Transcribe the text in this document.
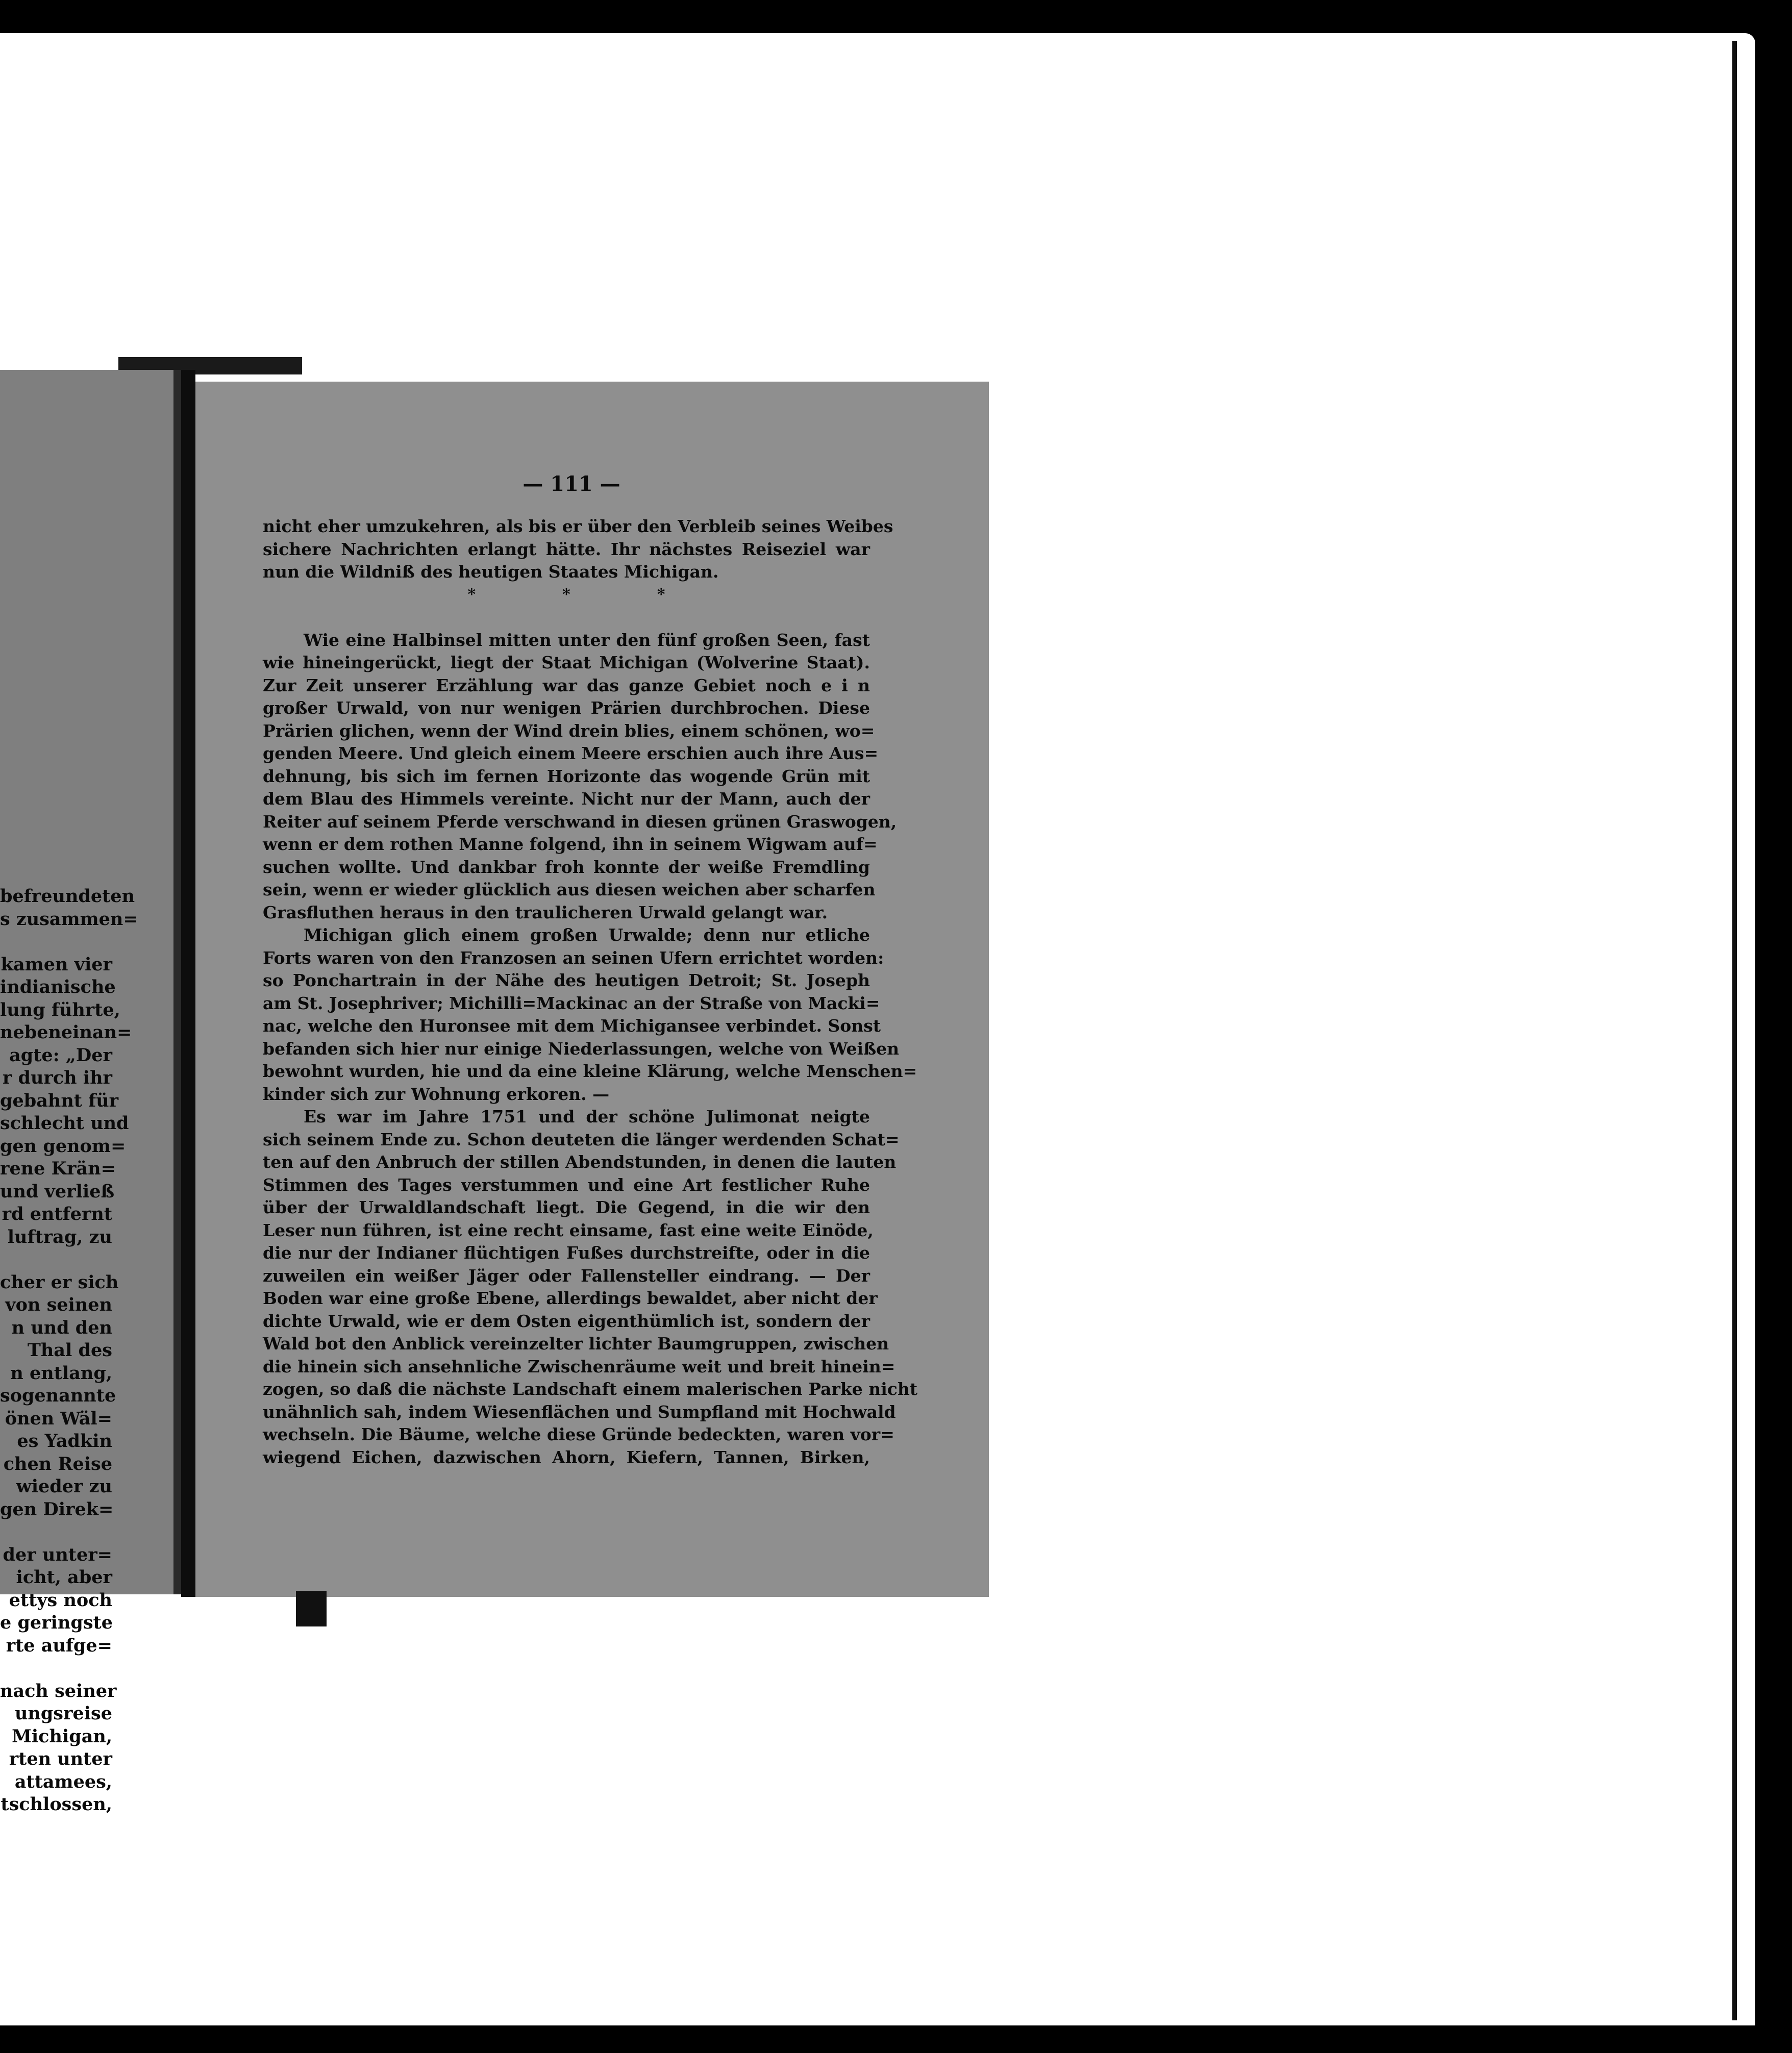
befreundeten
s zusammen=

kamen vier
indianische
lung führte,
nebeneinan=
agte: „Der
r durch ihr
gebahnt für
schlecht und
gen genom=
rene Krän=
und verließ
rd entfernt
luftrag, zu

cher er sich
von seinen
n und den
Thal des
n entlang,
sogenannte
önen Wäl=
es Yadkin
chen Reise
wieder zu
gen Direk=

der unter=
icht, aber
ettys noch
e geringste
rte aufge=

nach seiner
ungsreise
Michigan,
rten unter
attamees,
tschlossen,
— 111 —
nicht eher umzukehren, als bis er über den Verbleib seines Weibes
sichere Nachrichten erlangt hätte. Ihr nächstes Reiseziel war
nun die Wildniß des heutigen Staates Michigan.
*	*	*
Wie eine Halbinsel mitten unter den fünf großen Seen, fast
wie hineingerückt, liegt der Staat Michigan (Wolverine Staat).
Zur Zeit unserer Erzählung war das ganze Gebiet noch e i n
großer Urwald, von nur wenigen Prärien durchbrochen. Diese
Prärien glichen, wenn der Wind drein blies, einem schönen, wo=
genden Meere. Und gleich einem Meere erschien auch ihre Aus=
dehnung, bis sich im fernen Horizonte das wogende Grün mit
dem Blau des Himmels vereinte. Nicht nur der Mann, auch der
Reiter auf seinem Pferde verschwand in diesen grünen Graswogen,
wenn er dem rothen Manne folgend, ihn in seinem Wigwam auf=
suchen wollte. Und dankbar froh konnte der weiße Fremdling
sein, wenn er wieder glücklich aus diesen weichen aber scharfen
Grasfluthen heraus in den traulicheren Urwald gelangt war.
Michigan glich einem großen Urwalde; denn nur etliche
Forts waren von den Franzosen an seinen Ufern errichtet worden:
so Ponchartrain in der Nähe des heutigen Detroit; St. Joseph
am St. Josephriver; Michilli=Mackinac an der Straße von Macki=
nac, welche den Huronsee mit dem Michigansee verbindet. Sonst
befanden sich hier nur einige Niederlassungen, welche von Weißen
bewohnt wurden, hie und da eine kleine Klärung, welche Menschen=
kinder sich zur Wohnung erkoren. —
Es war im Jahre 1751 und der schöne Julimonat neigte
sich seinem Ende zu. Schon deuteten die länger werdenden Schat=
ten auf den Anbruch der stillen Abendstunden, in denen die lauten
Stimmen des Tages verstummen und eine Art festlicher Ruhe
über der Urwaldlandschaft liegt. Die Gegend, in die wir den
Leser nun führen, ist eine recht einsame, fast eine weite Einöde,
die nur der Indianer flüchtigen Fußes durchstreifte, oder in die
zuweilen ein weißer Jäger oder Fallensteller eindrang. — Der
Boden war eine große Ebene, allerdings bewaldet, aber nicht der
dichte Urwald, wie er dem Osten eigenthümlich ist, sondern der
Wald bot den Anblick vereinzelter lichter Baumgruppen, zwischen
die hinein sich ansehnliche Zwischenräume weit und breit hinein=
zogen, so daß die nächste Landschaft einem malerischen Parke nicht
unähnlich sah, indem Wiesenflächen und Sumpfland mit Hochwald
wechseln. Die Bäume, welche diese Gründe bedeckten, waren vor=
wiegend Eichen, dazwischen Ahorn, Kiefern, Tannen, Birken,
